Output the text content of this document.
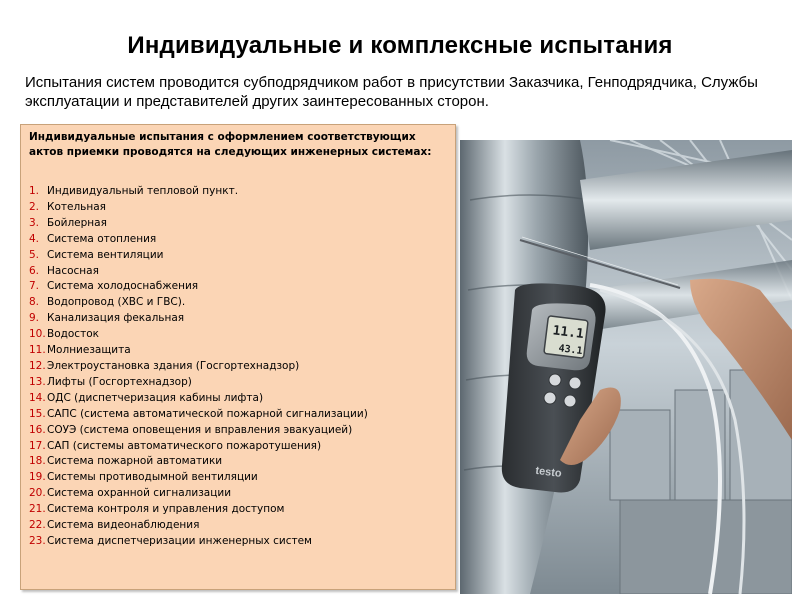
Индивидуальные и комплексные испытания
Испытания систем проводится субподрядчиком работ в присутствии Заказчика, Генподрядчика, Службы эксплуатации и представителей других заинтересованных сторон.
Индивидуальные испытания с оформлением соответствующих актов приемки проводятся на следующих инженерных системах:
1. Индивидуальный тепловой пункт.
2. Котельная
3. Бойлерная
4. Система отопления
5. Система вентиляции
6. Насосная
7. Система холодоснабжения
8. Водопровод (ХВС и ГВС).
9. Канализация фекальная
10.Водосток
11.Молниезащита
12.Электроустановка здания (Госгортехнадзор)
13.Лифты (Госгортехнадзор)
14.ОДС (диспетчеризация кабины лифта)
15.САПС (система автоматической пожарной сигнализации)
16.СОУЭ (система оповещения и вправления эвакуацией)
17.САП (системы автоматического пожаротушения)
18.Система пожарной автоматики
19.Системы противодымной вентиляции
20.Система охранной сигнализации
21.Система контроля и управления доступом
22.Система видеонаблюдения
23.Система диспетчеризации инженерных систем
11.1
43.1
testo
